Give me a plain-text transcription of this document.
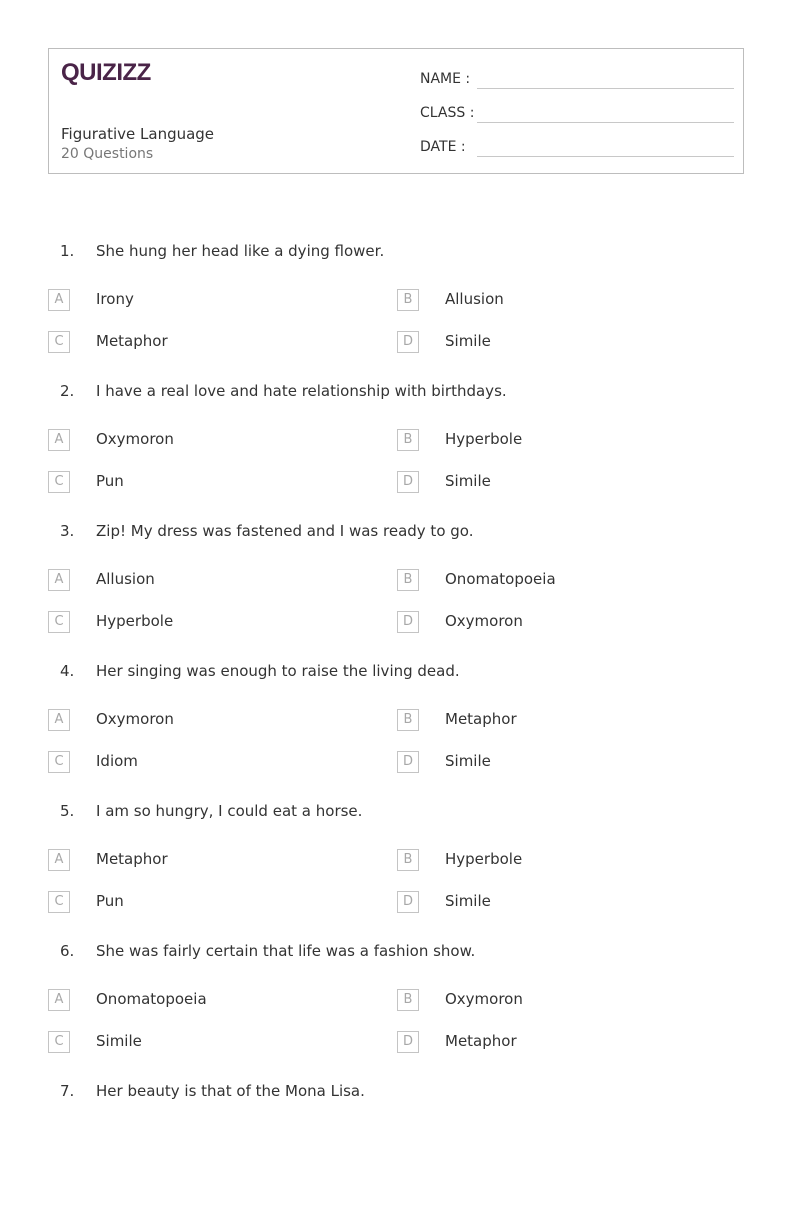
QUIZIZZ
Figurative Language
20 Questions
NAME :
CLASS :
DATE :
1. She hung her head like a dying flower.
A	Irony	B	Allusion
C	Metaphor	D	Simile
2. I have a real love and hate relationship with birthdays.
A	Oxymoron	B	Hyperbole
C	Pun	D	Simile
3. Zip! My dress was fastened and I was ready to go.
A	Allusion	B	Onomatopoeia
C	Hyperbole	D	Oxymoron
4. Her singing was enough to raise the living dead.
A	Oxymoron	B	Metaphor
C	Idiom	D	Simile
5. I am so hungry, I could eat a horse.
A	Metaphor	B	Hyperbole
C	Pun	D	Simile
6. She was fairly certain that life was a fashion show.
A	Onomatopoeia	B	Oxymoron
C	Simile	D	Metaphor
7. Her beauty is that of the Mona Lisa.
